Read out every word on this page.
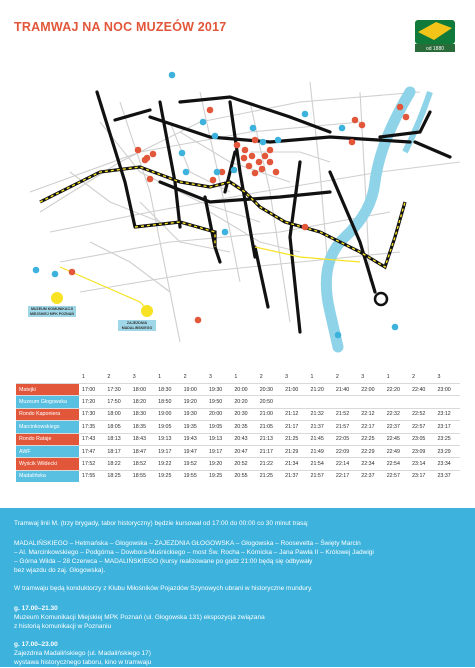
TRAMWAJ NA NOC MUZEÓW 2017
od 1880
MUZEUM KOMUNIKACJI MIEJSKIEJ MPK POZNAŃ
ZAJEZDNIA MADALIŃSKIEGO
	1	2	3	1	2	3	1	2	3	1	2	3	1	2	3
Matejki	17:00	17:30	18:00	18:30	19:00	19:30	20:00	20:30	21:00	21:20	21:40	22:00	22:20	22:40	23:00
Muzeum Głogowska	17:20	17:50	18:20	18:50	19:20	19:50	20:20	20:50							
Rondo Kaponiera	17:30	18:00	18:30	19:00	19:30	20:00	20:30	21:00	21:12	21:32	21:52	22:12	22:32	22:52	23:12
Marcinkowskiego	17:35	18:05	18:35	19:05	19:35	19:05	20:35	21:05	21:17	21:37	21:57	22:17	22:37	22:57	23:17
Rondo Rataje	17:43	18:13	18:43	19:13	19:43	19:13	20:43	21:13	21:25	21:45	22:05	22:25	22:45	23:05	23:25
AWF	17:47	18:17	18:47	19:17	19:47	19:17	20:47	21:17	21:29	21:49	22:09	22:29	22:49	23:09	23:29
Wyścik Wildecki	17:52	18:22	18:52	19:22	19:52	19:20	20:52	21:22	21:34	21:54	22:14	22:34	22:54	23:14	23:34
Madalińska	17:55	18:25	18:55	19:25	19:55	19:25	20:55	21:25	21:37	21:57	22:17	22:37	22:57	23:17	23:37

Tramwaj linii M. (trzy brygady, tabor historyczny) będzie kursował od 17:00 do 00:00 co 30 minut trasą:

MADALIŃSKIEGO – Hetmańska – Głogowska – ZAJEZDNIA GŁOGOWSKA – Głogowska – Roosevelta – Święty Marcin

– Al. Marcinkowskiego – Podgórna – Dowbora-Muśnickiego – most Św. Rocha – Kórnicka – Jana Pawła II – Królowej Jadwigi

– Górna Wilda – 28 Czerwca – MADALIŃSKIEGO (kursy realizowane po godz 21:00 będą się odbywały

bez wjazdu do zaj. Głogowska).

W tramwaju będą konduktorzy z Klubu Miłośników Pojazdów Szynowych ubrani w historyczne mundury.

g. 17.00–21.30

Muzeum Komunikacji Miejskiej MPK Poznań (ul. Głogowska 131) ekspozycja związana

z historią komunikacji w Poznaniu

g. 17.00–23.00

Zajezdnia Madalińskiego (ul. Madalińskiego 17)

wystawa historycznego taboru, kino w tramwaju
